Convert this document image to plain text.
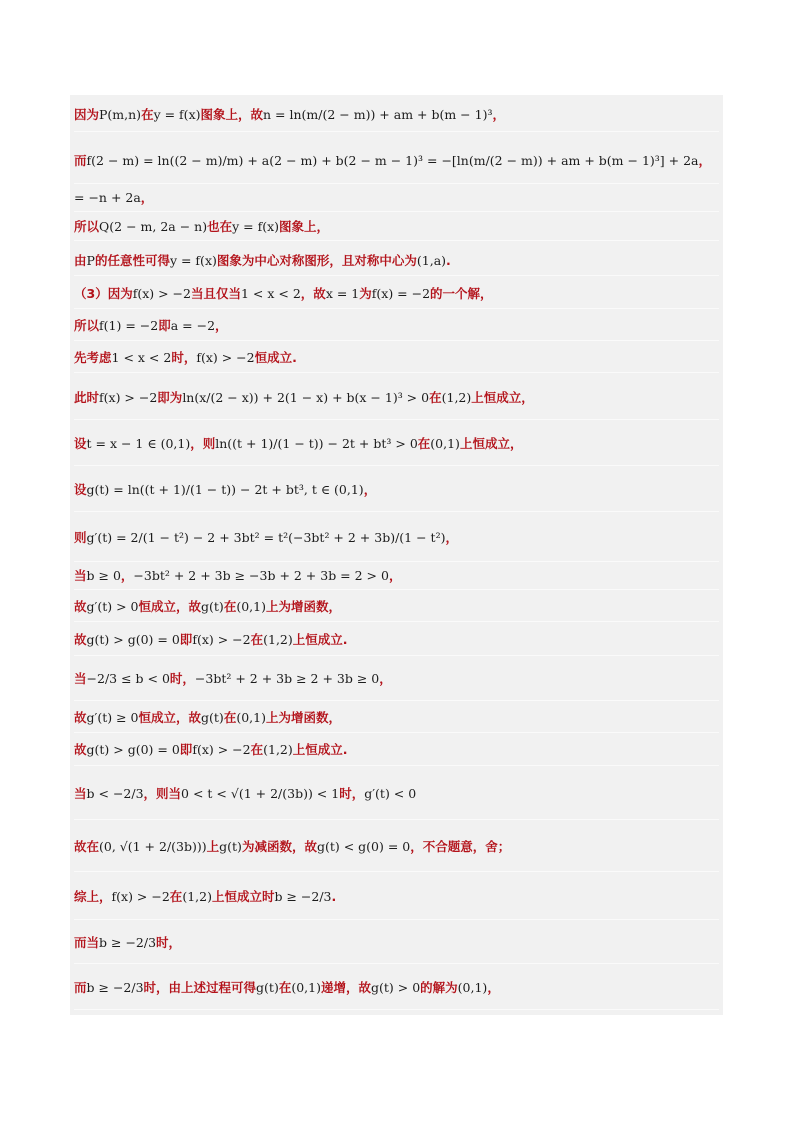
因为 P(m,n) 在 y = f(x) 图象上，故 n = ln(m/(2 − m)) + am + b(m − 1)³ ，
而 f(2 − m) = ln((2 − m)/m) + a(2 − m) + b(2 − m − 1)³ = −[ln(m/(2 − m)) + am + b(m − 1)³] + 2a ，
= −n + 2a ，
所以 Q(2 − m, 2a − n) 也在 y = f(x) 图象上，
由 P 的任意性可得 y = f(x) 图象为中心对称图形，且对称中心为 (1,a) .
（3）因为 f(x) > −2 当且仅当 1 < x < 2 ，故 x = 1 为 f(x) = −2 的一个解，
所以 f(1) = −2 即 a = −2 ，
先考虑 1 < x < 2 时， f(x) > −2 恒成立.
此时 f(x) > −2 即为 ln(x/(2 − x)) + 2(1 − x) + b(x − 1)³ > 0 在 (1,2) 上恒成立，
设 t = x − 1 ∈ (0,1) ，则 ln((t + 1)/(1 − t)) − 2t + bt³ > 0 在 (0,1) 上恒成立，
设 g(t) = ln((t + 1)/(1 − t)) − 2t + bt³, t ∈ (0,1) ，
则 g′(t) = 2/(1 − t²) − 2 + 3bt² = t²(−3bt² + 2 + 3b)/(1 − t²) ，
当 b ≥ 0 ， −3bt² + 2 + 3b ≥ −3b + 2 + 3b = 2 > 0 ，
故 g′(t) > 0 恒成立，故 g(t) 在 (0,1) 上为增函数，
故 g(t) > g(0) = 0 即 f(x) > −2 在 (1,2) 上恒成立.
当 −2/3 ≤ b < 0 时， −3bt² + 2 + 3b ≥ 2 + 3b ≥ 0 ，
故 g′(t) ≥ 0 恒成立，故 g(t) 在 (0,1) 上为增函数，
故 g(t) > g(0) = 0 即 f(x) > −2 在 (1,2) 上恒成立.
当 b < −2/3 ，则当 0 < t < √(1 + 2/(3b)) < 1 时， g′(t) < 0
故在 (0, √(1 + 2/(3b))) 上 g(t) 为减函数，故 g(t) < g(0) = 0 ，不合题意，舍；
综上， f(x) > −2 在 (1,2) 上恒成立时 b ≥ −2/3 .
而当 b ≥ −2/3 时，
而 b ≥ −2/3 时，由上述过程可得 g(t) 在 (0,1) 递增，故 g(t) > 0 的解为 (0,1) ，
